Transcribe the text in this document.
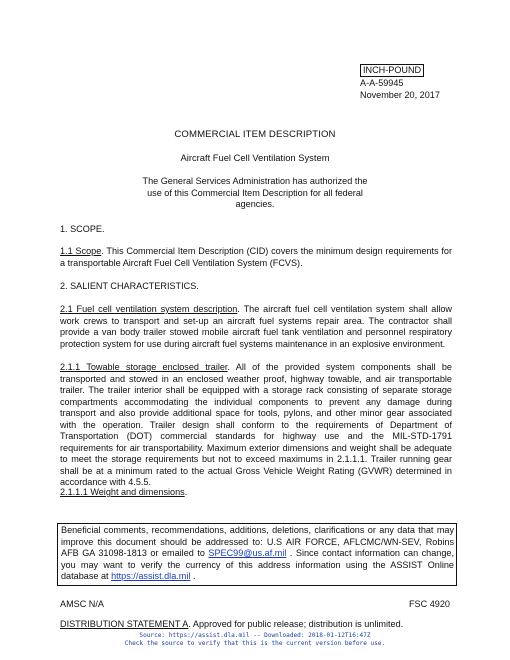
INCH-POUND
A-A-59945
November 20, 2017
COMMERCIAL ITEM DESCRIPTION
Aircraft Fuel Cell Ventilation System
The General Services Administration has authorized the use of this Commercial Item Description for all federal agencies.
1. SCOPE.
1.1 Scope. This Commercial Item Description (CID) covers the minimum design requirements for a transportable Aircraft Fuel Cell Ventilation System (FCVS).
2. SALIENT CHARACTERISTICS.
2.1 Fuel cell ventilation system description. The aircraft fuel cell ventilation system shall allow work crews to transport and set-up an aircraft fuel systems repair area. The contractor shall provide a van body trailer stowed mobile aircraft fuel tank ventilation and personnel respiratory protection system for use during aircraft fuel systems maintenance in an explosive environment.
2.1.1 Towable storage enclosed trailer. All of the provided system components shall be transported and stowed in an enclosed weather proof, highway towable, and air transportable trailer. The trailer interior shall be equipped with a storage rack consisting of separate storage compartments accommodating the individual components to prevent any damage during transport and also provide additional space for tools, pylons, and other minor gear associated with the operation. Trailer design shall conform to the requirements of Department of Transportation (DOT) commercial standards for highway use and the MIL-STD-1791 requirements for air transportability. Maximum exterior dimensions and weight shall be adequate to meet the storage requirements but not to exceed maximums in 2.1.1.1. Trailer running gear shall be at a minimum rated to the actual Gross Vehicle Weight Rating (GVWR) determined in accordance with 4.5.5.
2.1.1.1 Weight and dimensions.
Beneficial comments, recommendations, additions, deletions, clarifications or any data that may improve this document should be addressed to: U.S AIR FORCE, AFLCMC/WN-SEV, Robins AFB GA 31098-1813 or emailed to SPEC99@us.af.mil . Since contact information can change, you may want to verify the currency of this address information using the ASSIST Online database at https://assist.dla.mil .
AMSC N/A	FSC 4920
DISTRIBUTION STATEMENT A. Approved for public release; distribution is unlimited.
Source: https://assist.dla.mil -- Downloaded: 2018-01-12T16:47Z
Check the source to verify that this is the current version before use.
